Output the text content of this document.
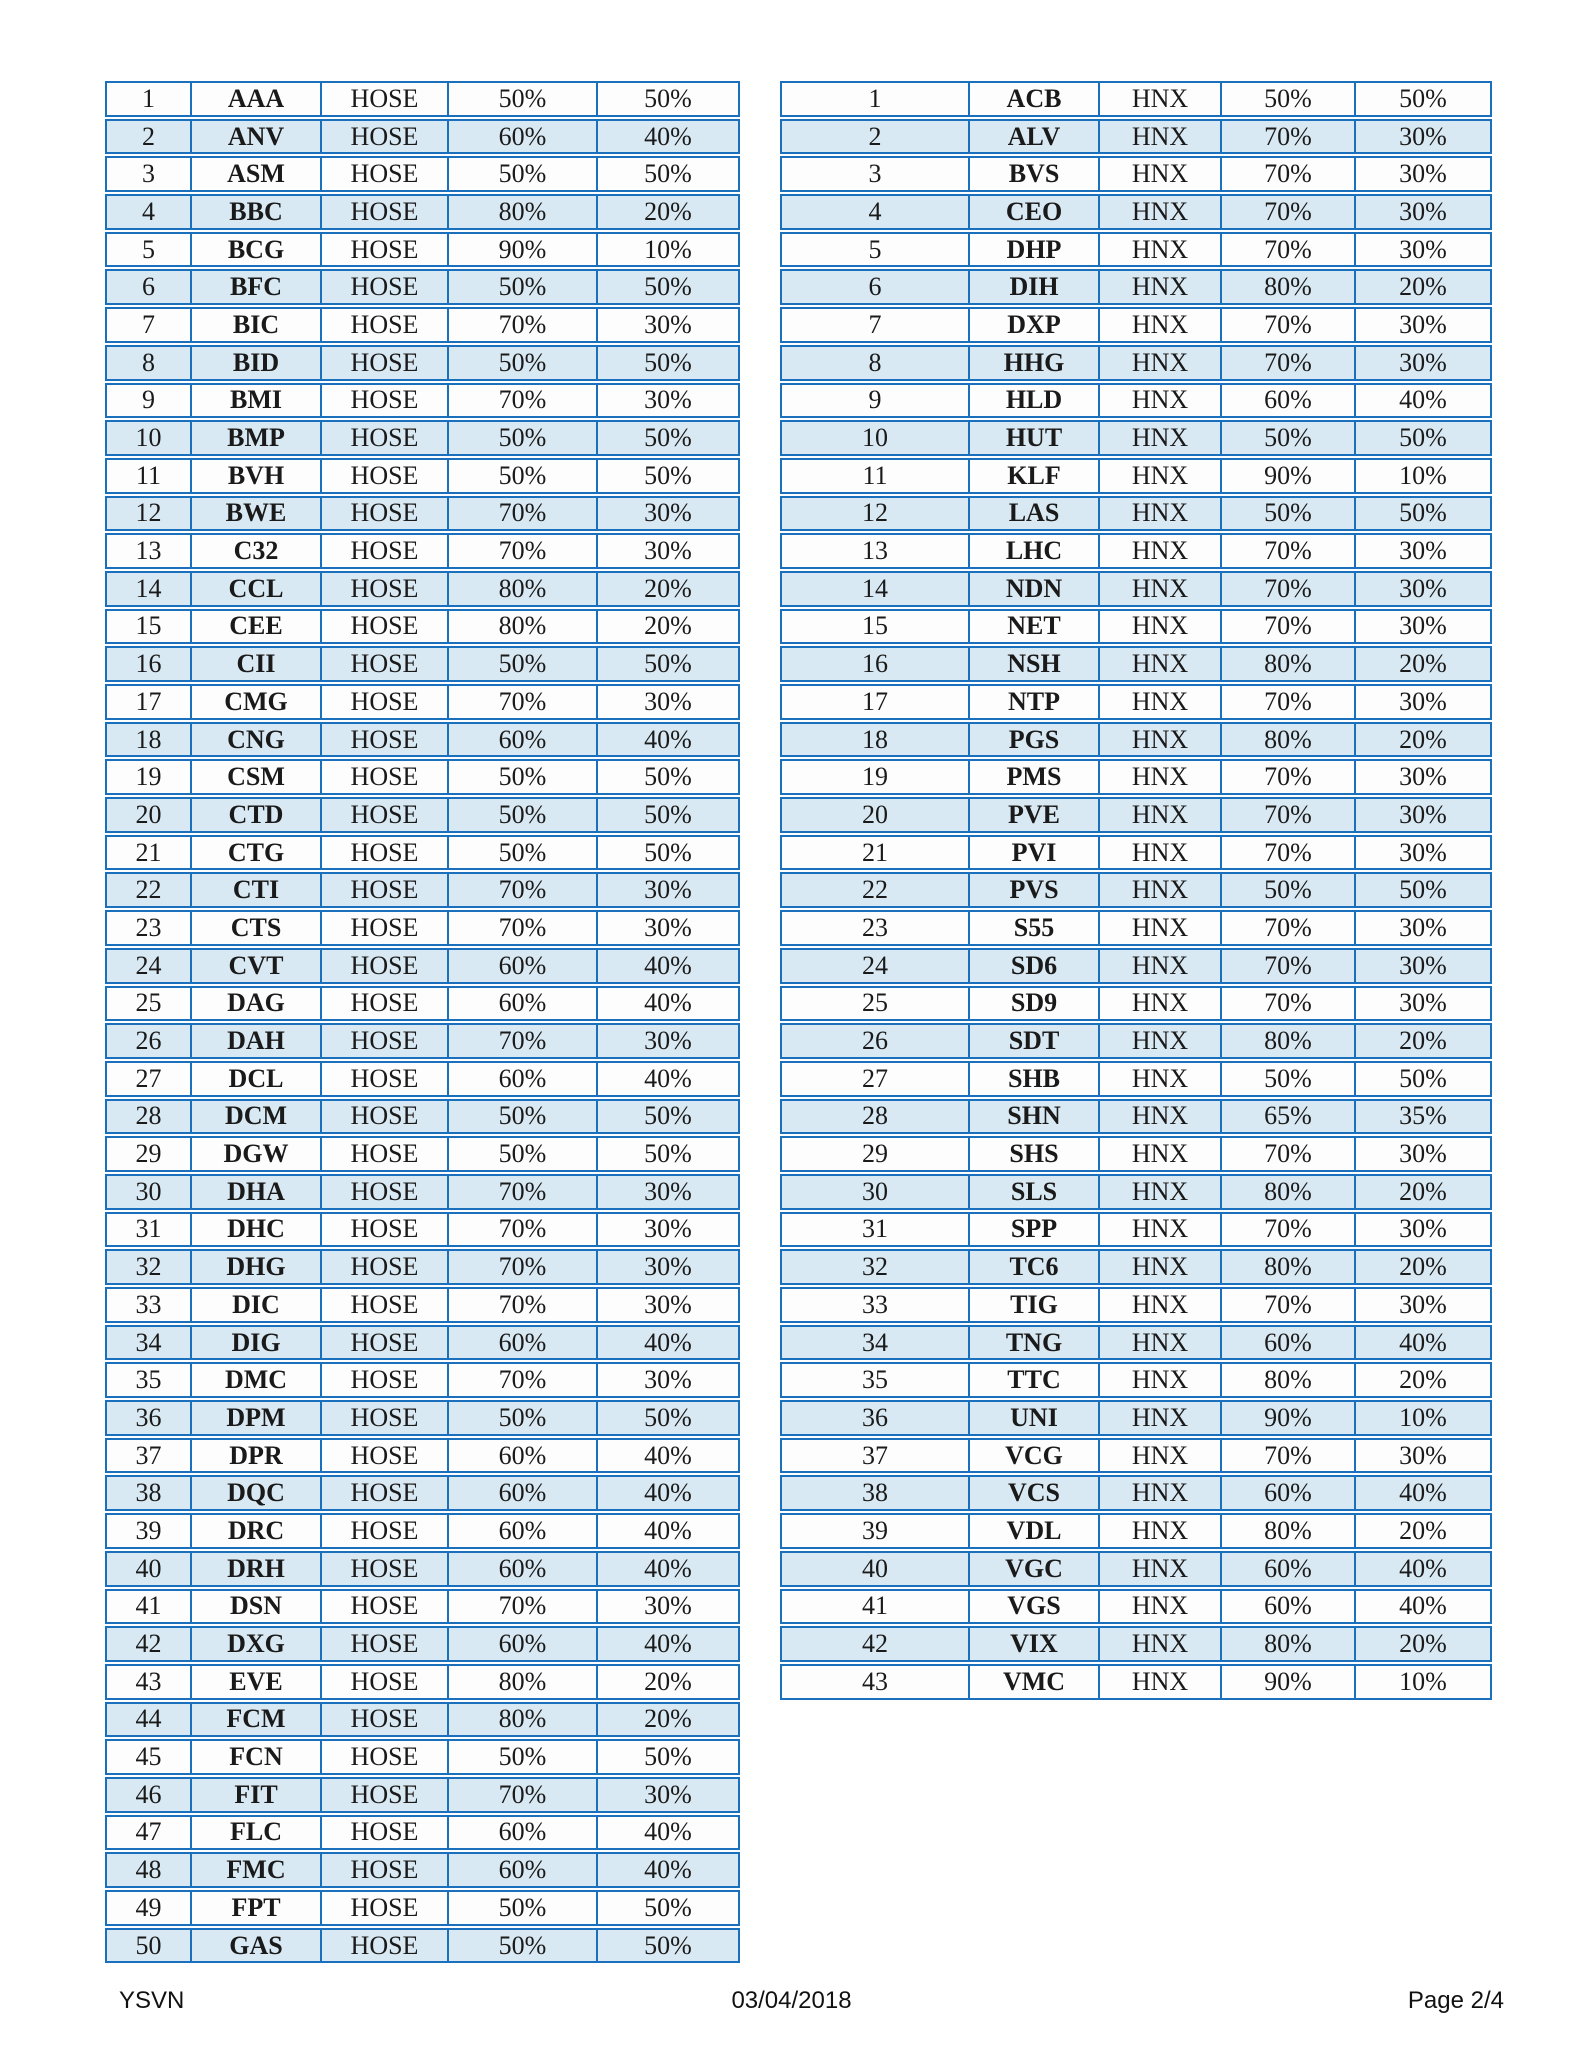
1	AAA	HOSE	50%	50%
2	ANV	HOSE	60%	40%
3	ASM	HOSE	50%	50%
4	BBC	HOSE	80%	20%
5	BCG	HOSE	90%	10%
6	BFC	HOSE	50%	50%
7	BIC	HOSE	70%	30%
8	BID	HOSE	50%	50%
9	BMI	HOSE	70%	30%
10	BMP	HOSE	50%	50%
11	BVH	HOSE	50%	50%
12	BWE	HOSE	70%	30%
13	C32	HOSE	70%	30%
14	CCL	HOSE	80%	20%
15	CEE	HOSE	80%	20%
16	CII	HOSE	50%	50%
17	CMG	HOSE	70%	30%
18	CNG	HOSE	60%	40%
19	CSM	HOSE	50%	50%
20	CTD	HOSE	50%	50%
21	CTG	HOSE	50%	50%
22	CTI	HOSE	70%	30%
23	CTS	HOSE	70%	30%
24	CVT	HOSE	60%	40%
25	DAG	HOSE	60%	40%
26	DAH	HOSE	70%	30%
27	DCL	HOSE	60%	40%
28	DCM	HOSE	50%	50%
29	DGW	HOSE	50%	50%
30	DHA	HOSE	70%	30%
31	DHC	HOSE	70%	30%
32	DHG	HOSE	70%	30%
33	DIC	HOSE	70%	30%
34	DIG	HOSE	60%	40%
35	DMC	HOSE	70%	30%
36	DPM	HOSE	50%	50%
37	DPR	HOSE	60%	40%
38	DQC	HOSE	60%	40%
39	DRC	HOSE	60%	40%
40	DRH	HOSE	60%	40%
41	DSN	HOSE	70%	30%
42	DXG	HOSE	60%	40%
43	EVE	HOSE	80%	20%
44	FCM	HOSE	80%	20%
45	FCN	HOSE	50%	50%
46	FIT	HOSE	70%	30%
47	FLC	HOSE	60%	40%
48	FMC	HOSE	60%	40%
49	FPT	HOSE	50%	50%
50	GAS	HOSE	50%	50%
1	ACB	HNX	50%	50%
2	ALV	HNX	70%	30%
3	BVS	HNX	70%	30%
4	CEO	HNX	70%	30%
5	DHP	HNX	70%	30%
6	DIH	HNX	80%	20%
7	DXP	HNX	70%	30%
8	HHG	HNX	70%	30%
9	HLD	HNX	60%	40%
10	HUT	HNX	50%	50%
11	KLF	HNX	90%	10%
12	LAS	HNX	50%	50%
13	LHC	HNX	70%	30%
14	NDN	HNX	70%	30%
15	NET	HNX	70%	30%
16	NSH	HNX	80%	20%
17	NTP	HNX	70%	30%
18	PGS	HNX	80%	20%
19	PMS	HNX	70%	30%
20	PVE	HNX	70%	30%
21	PVI	HNX	70%	30%
22	PVS	HNX	50%	50%
23	S55	HNX	70%	30%
24	SD6	HNX	70%	30%
25	SD9	HNX	70%	30%
26	SDT	HNX	80%	20%
27	SHB	HNX	50%	50%
28	SHN	HNX	65%	35%
29	SHS	HNX	70%	30%
30	SLS	HNX	80%	20%
31	SPP	HNX	70%	30%
32	TC6	HNX	80%	20%
33	TIG	HNX	70%	30%
34	TNG	HNX	60%	40%
35	TTC	HNX	80%	20%
36	UNI	HNX	90%	10%
37	VCG	HNX	70%	30%
38	VCS	HNX	60%	40%
39	VDL	HNX	80%	20%
40	VGC	HNX	60%	40%
41	VGS	HNX	60%	40%
42	VIX	HNX	80%	20%
43	VMC	HNX	90%	10%
YSVN	03/04/2018	Page 2/4
